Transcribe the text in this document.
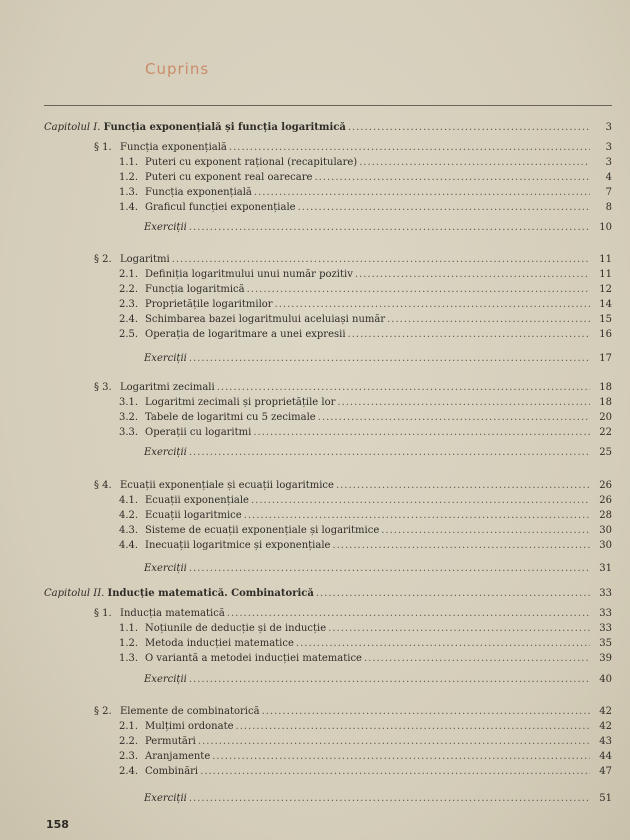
Cuprins
Capitolul I. Funcția exponențială și funcția logaritmică .....	3
§ 1. Funcția exponențială .....	3
1.1. Puteri cu exponent rațional (recapitulare) .....	3
1.2. Puteri cu exponent real oarecare .....	4
1.3. Funcția exponențială .....	7
1.4. Graficul funcției exponențiale .....	8
Exerciții .....	10
§ 2. Logaritmi .....	11
2.1. Definiția logaritmului unui număr pozitiv .....	11
2.2. Funcția logaritmică .....	12
2.3. Proprietățile logaritmilor .....	14
2.4. Schimbarea bazei logaritmului aceluiași număr .....	15
2.5. Operația de logaritmare a unei expresii .....	16
Exerciții .....	17
§ 3. Logaritmi zecimali .....	18
3.1. Logaritmi zecimali și proprietățile lor .....	18
3.2. Tabele de logaritmi cu 5 zecimale .....	20
3.3. Operații cu logaritmi .....	22
Exerciții .....	25
§ 4. Ecuații exponențiale și ecuații logaritmice .....	26
4.1. Ecuații exponențiale .....	26
4.2. Ecuații logaritmice .....	28
4.3. Sisteme de ecuații exponențiale și logaritmice .....	30
4.4. Inecuații logaritmice și exponențiale .....	30
Exerciții .....	31
Capitolul II. Inducție matematică. Combinatorică .....	33
§ 1. Inducția matematică .....	33
1.1. Noțiunile de deducție și de inducție .....	33
1.2. Metoda inducției matematice .....	35
1.3. O variantă a metodei inducției matematice .....	39
Exerciții .....	40
§ 2. Elemente de combinatorică .....	42
2.1. Mulțimi ordonate .....	42
2.2. Permutări .....	43
2.3. Aranjamente .....	44
2.4. Combinări .....	47
Exerciții .....	51
158
